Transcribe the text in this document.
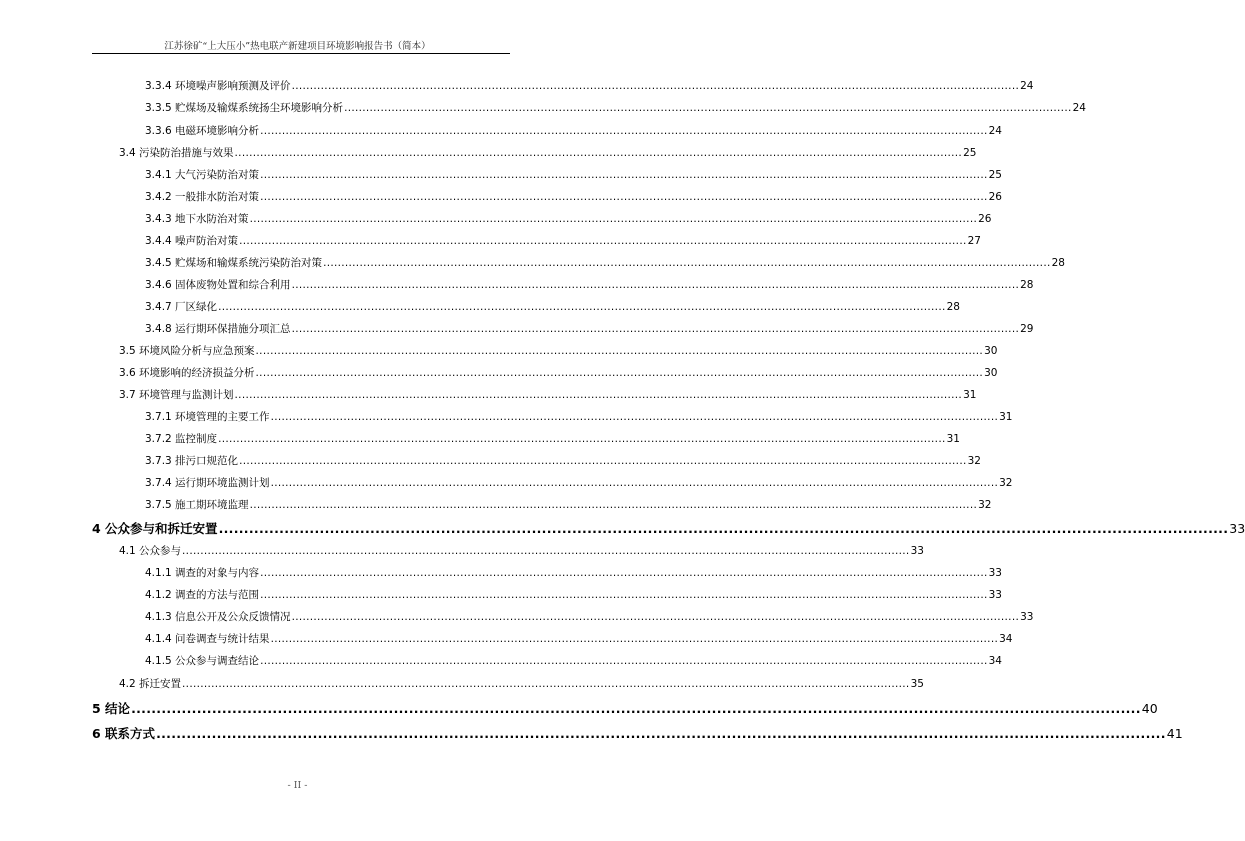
江苏徐矿“上大压小”热电联产新建项目环境影响报告书（简本）
3.3.4 环境噪声影响预测及评价 ........................................................................................................................................................................................................ 24
3.3.5 贮煤场及输煤系统扬尘环境影响分析 ........................................................................................................................................................................................................ 24
3.3.6 电磁环境影响分析 ........................................................................................................................................................................................................ 24
3.4 污染防治措施与效果 ........................................................................................................................................................................................................ 25
3.4.1 大气污染防治对策 ........................................................................................................................................................................................................ 25
3.4.2 一般排水防治对策 ........................................................................................................................................................................................................ 26
3.4.3 地下水防治对策 ........................................................................................................................................................................................................ 26
3.4.4 噪声防治对策 ........................................................................................................................................................................................................ 27
3.4.5 贮煤场和输煤系统污染防治对策 ........................................................................................................................................................................................................ 28
3.4.6 固体废物处置和综合利用 ........................................................................................................................................................................................................ 28
3.4.7 厂区绿化 ........................................................................................................................................................................................................ 28
3.4.8 运行期环保措施分项汇总 ........................................................................................................................................................................................................ 29
3.5 环境风险分析与应急预案 ........................................................................................................................................................................................................ 30
3.6 环境影响的经济损益分析 ........................................................................................................................................................................................................ 30
3.7 环境管理与监测计划 ........................................................................................................................................................................................................ 31
3.7.1 环境管理的主要工作 ........................................................................................................................................................................................................ 31
3.7.2 监控制度 ........................................................................................................................................................................................................ 31
3.7.3 排污口规范化 ........................................................................................................................................................................................................ 32
3.7.4 运行期环境监测计划 ........................................................................................................................................................................................................ 32
3.7.5 施工期环境监理 ........................................................................................................................................................................................................ 32
4 公众参与和拆迁安置 ........................................................................................................................................................................................................ 33
4.1 公众参与 ........................................................................................................................................................................................................ 33
4.1.1 调查的对象与内容 ........................................................................................................................................................................................................ 33
4.1.2 调查的方法与范围 ........................................................................................................................................................................................................ 33
4.1.3 信息公开及公众反馈情况 ........................................................................................................................................................................................................ 33
4.1.4 问卷调查与统计结果 ........................................................................................................................................................................................................ 34
4.1.5 公众参与调查结论 ........................................................................................................................................................................................................ 34
4.2 拆迁安置 ........................................................................................................................................................................................................ 35
5 结论 ........................................................................................................................................................................................................ 40
6 联系方式 ........................................................................................................................................................................................................ 41
- II -
